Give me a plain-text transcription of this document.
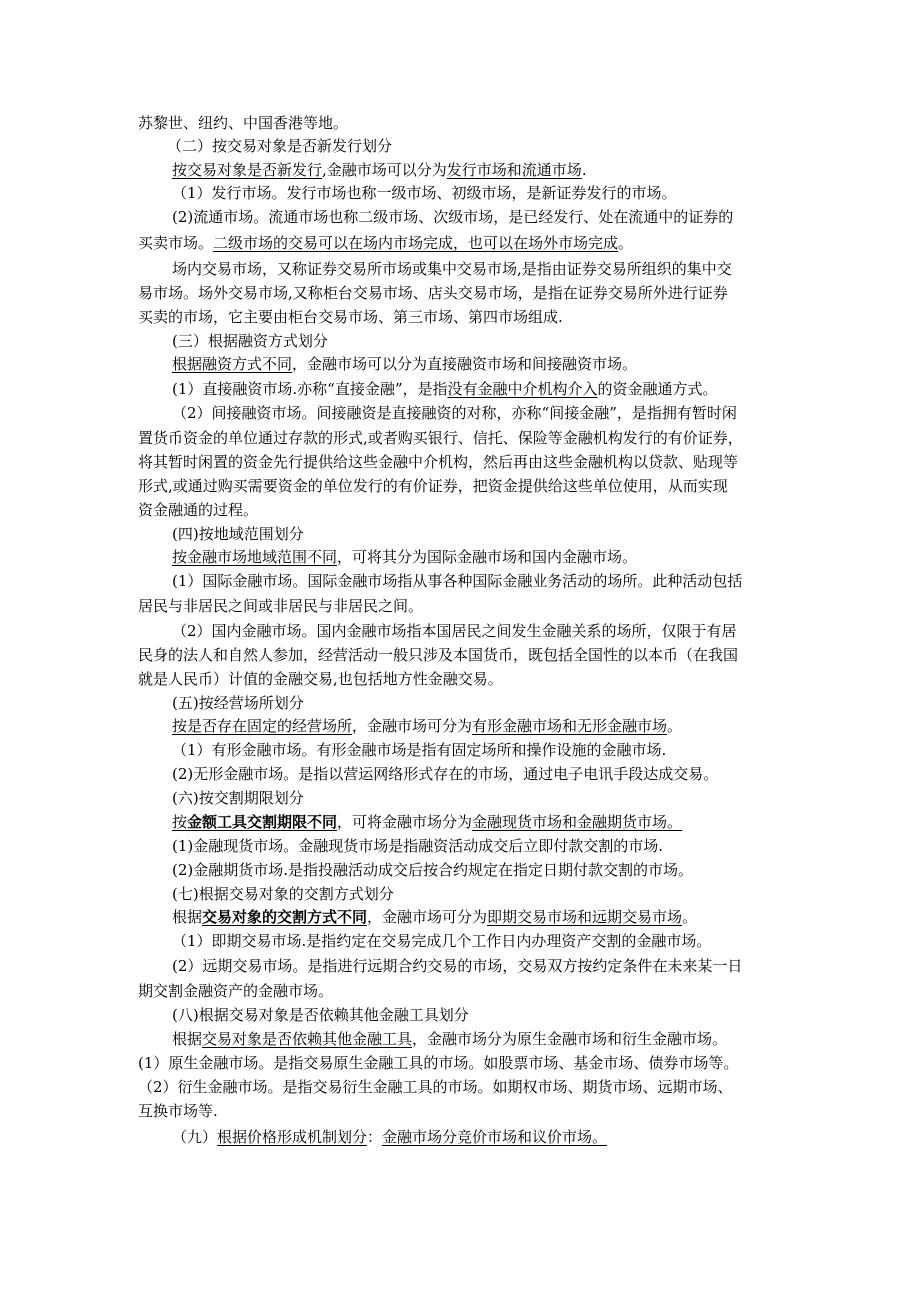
苏黎世、纽约、中国香港等地。
（二）按交易对象是否新发行划分
按交易对象是否新发行,金融市场可以分为发行市场和流通市场.
（1）发行市场。发行市场也称一级市场、初级市场，是新证券发行的市场。
(2)流通市场。流通市场也称二级市场、次级市场，是已经发行、处在流通中的证券的
买卖市场。二级市场的交易可以在场内市场完成，也可以在场外市场完成。
场内交易市场，又称证券交易所市场或集中交易市场,是指由证券交易所组织的集中交
易市场。场外交易市场,又称柜台交易市场、店头交易市场，是指在证券交易所外进行证券
买卖的市场，它主要由柜台交易市场、第三市场、第四市场组成.
(三）根据融资方式划分
根据融资方式不同，金融市场可以分为直接融资市场和间接融资市场。
(1）直接融资市场.亦称“直接金融”，是指没有金融中介机构介入的资金融通方式。
（2）间接融资市场。间接融资是直接融资的对称，亦称“间接金融”，是指拥有暂时闲
置货币资金的单位通过存款的形式,或者购买银行、信托、保险等金融机构发行的有价证券，
将其暂时闲置的资金先行提供给这些金融中介机构，然后再由这些金融机构以贷款、贴现等
形式,或通过购买需要资金的单位发行的有价证券，把资金提供给这些单位使用，从而实现
资金融通的过程。
(四)按地域范围划分
按金融市场地域范围不同，可将其分为国际金融市场和国内金融市场。
(1）国际金融市场。国际金融市场指从事各种国际金融业务活动的场所。此种活动包括
居民与非居民之间或非居民与非居民之间。
（2）国内金融市场。国内金融市场指本国居民之间发生金融关系的场所，仅限于有居
民身的法人和自然人参加，经营活动一般只涉及本国货币，既包括全国性的以本币（在我国
就是人民币）计值的金融交易,也包括地方性金融交易。
(五)按经营场所划分
按是否存在固定的经营场所，金融市场可分为有形金融市场和无形金融市场。
（1）有形金融市场。有形金融市场是指有固定场所和操作设施的金融市场.
(2)无形金融市场。是指以营运网络形式存在的市场，通过电子电讯手段达成交易。
(六)按交割期限划分
按金额工具交割期限不同，可将金融市场分为金融现货市场和金融期货市场。
(1)金融现货市场。金融现货市场是指融资活动成交后立即付款交割的市场.
(2)金融期货市场.是指投融活动成交后按合约规定在指定日期付款交割的市场。
(七)根据交易对象的交割方式划分
根据交易对象的交割方式不同，金融市场可分为即期交易市场和远期交易市场。
（1）即期交易市场.是指约定在交易完成几个工作日内办理资产交割的金融市场。
(2）远期交易市场。是指进行远期合约交易的市场，交易双方按约定条件在未来某一日
期交割金融资产的金融市场。
(八)根据交易对象是否依赖其他金融工具划分
根据交易对象是否依赖其他金融工具，金融市场分为原生金融市场和衍生金融市场。
(1）原生金融市场。是指交易原生金融工具的市场。如股票市场、基金市场、债券市场等。
（2）衍生金融市场。是指交易衍生金融工具的市场。如期权市场、期货市场、远期市场、
互换市场等.
（九）根据价格形成机制划分：金融市场分竞价市场和议价市场。
